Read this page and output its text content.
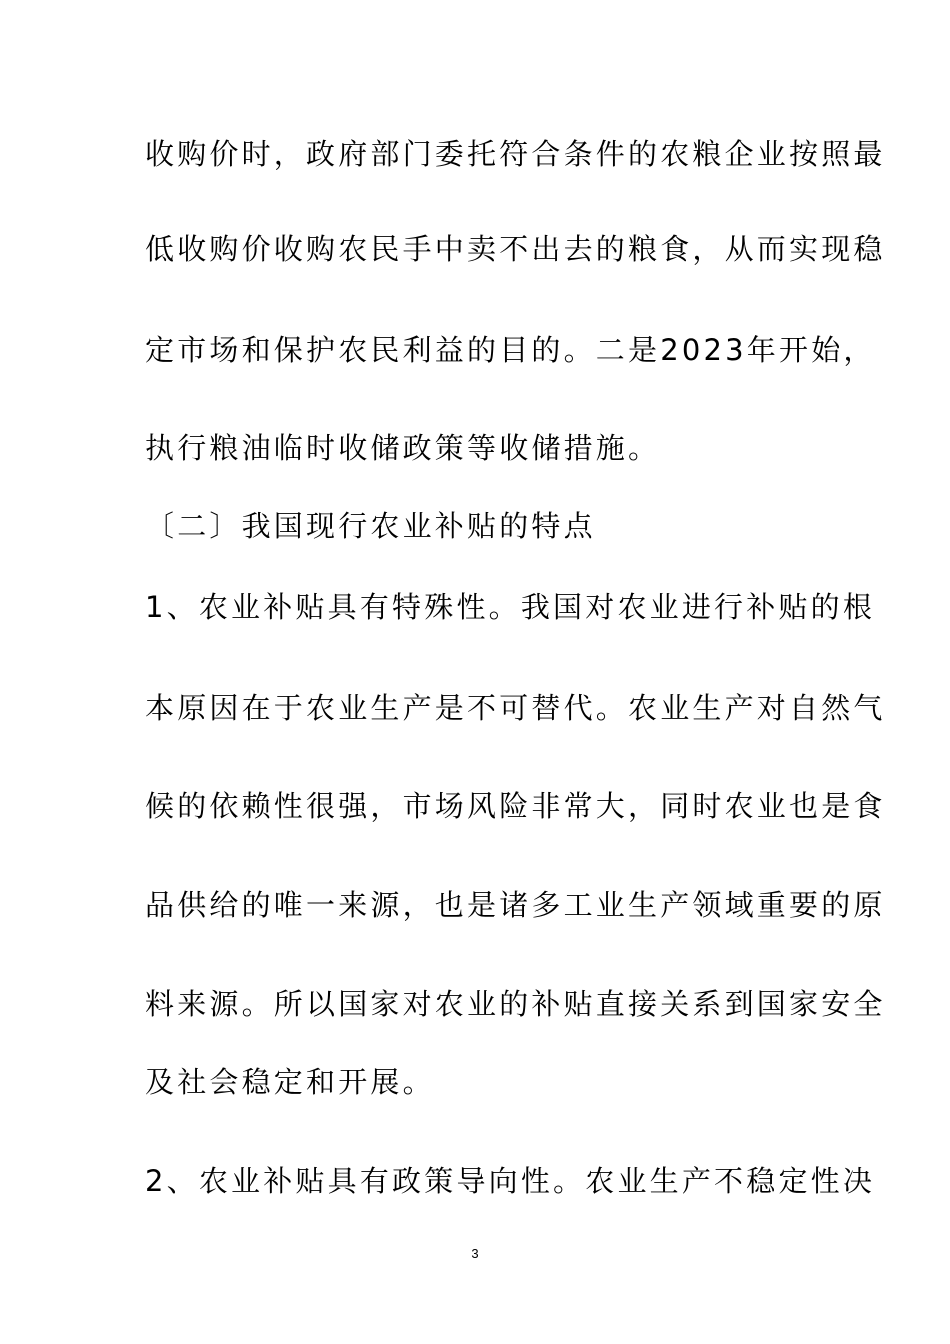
收购价时，政府部门委托符合条件的农粮企业按照最
低收购价收购农民手中卖不出去的粮食，从而实现稳
定市场和保护农民利益的目的。二是2023年开始，
执行粮油临时收储政策等收储措施。
〔二〕我国现行农业补贴的特点
1、农业补贴具有特殊性。我国对农业进行补贴的根
本原因在于农业生产是不可替代。农业生产对自然气
候的依赖性很强，市场风险非常大，同时农业也是食
品供给的唯一来源，也是诸多工业生产领域重要的原
料来源。所以国家对农业的补贴直接关系到国家安全
及社会稳定和开展。
2、农业补贴具有政策导向性。农业生产不稳定性决
3
